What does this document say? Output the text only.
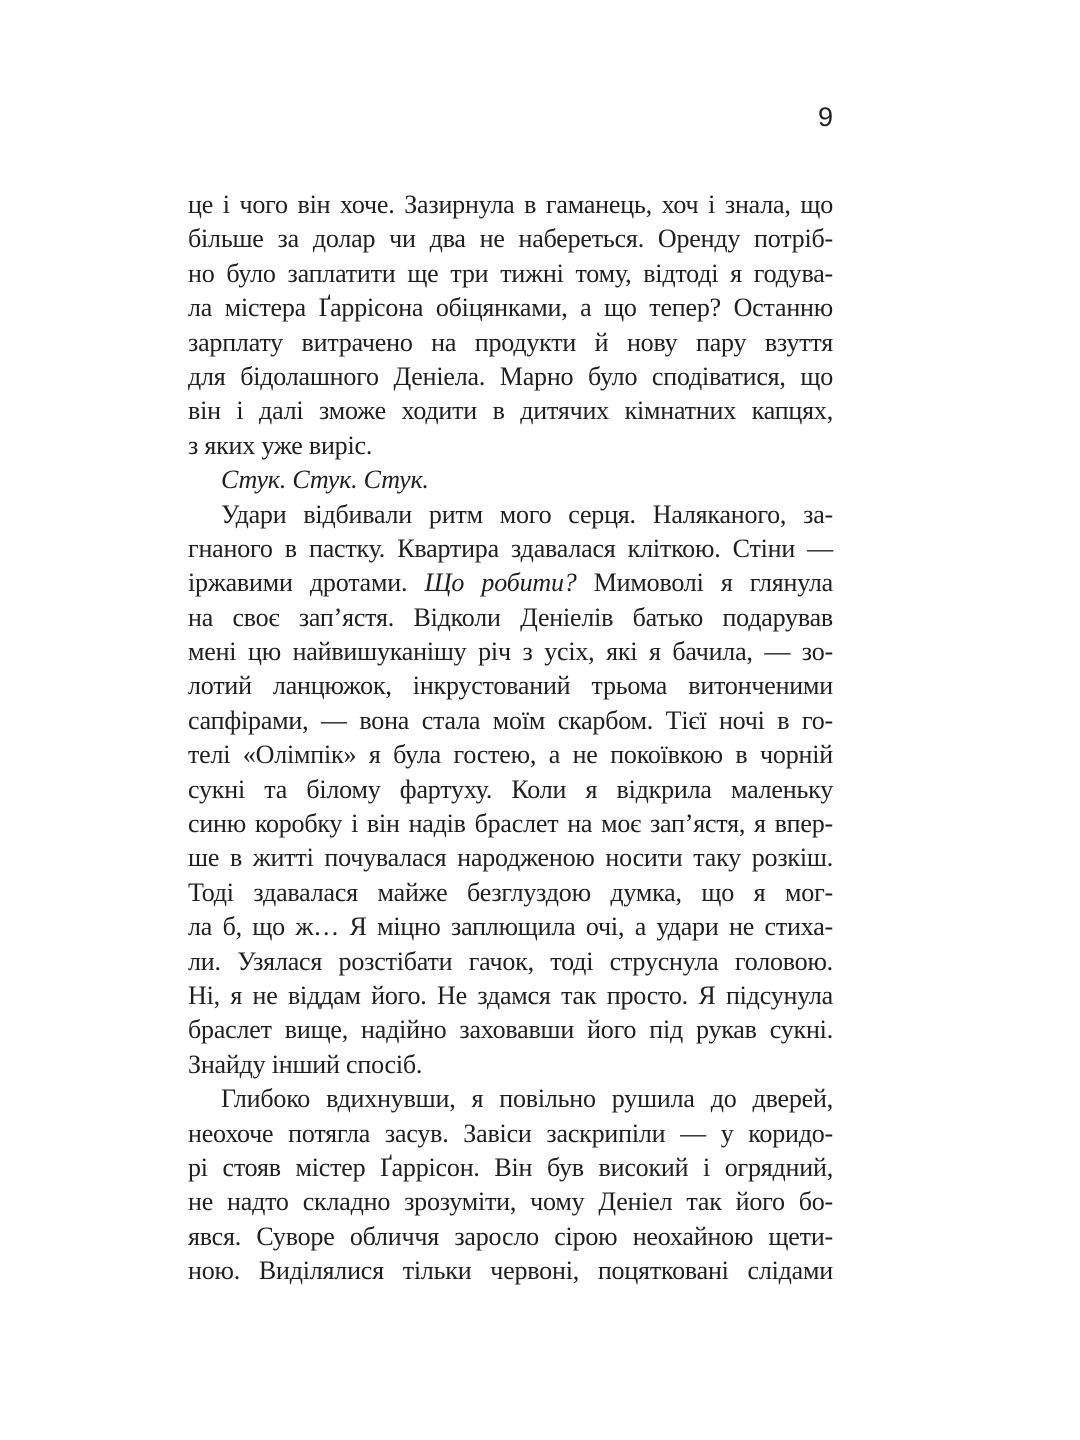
9
це і чого він хоче. Зазирнула в гаманець, хоч і знала, що
більше за долар чи два не набереться. Оренду потріб-
но було заплатити ще три тижні тому, відтоді я годува-
ла містера Ґаррісона обіцянками, а що тепер? Останню
зарплату витрачено на продукти й нову пару взуття
для бідолашного Деніела. Марно було сподіватися, що
він і далі зможе ходити в дитячих кімнатних капцях,
з яких уже виріс.
Стук. Стук. Стук.
Удари відбивали ритм мого серця. Наляканого, за-
гнаного в пастку. Квартира здавалася кліткою. Стіни —
іржавими дротами. Що робити? Мимоволі я глянула
на своє зап’ястя. Відколи Деніелів батько подарував
мені цю найвишуканішу річ з усіх, які я бачила, — зо-
лотий ланцюжок, інкрустований трьома витонченими
сапфірами, — вона стала моїм скарбом. Тієї ночі в го-
телі «Олімпік» я була гостею, а не покоївкою в чорній
сукні та білому фартуху. Коли я відкрила маленьку
синю коробку і він надів браслет на моє зап’ястя, я впер-
ше в житті почувалася народженою носити таку розкіш.
Тоді здавалася майже безглуздою думка, що я мог-
ла б, що ж… Я міцно заплющила очі, а удари не стиха-
ли. Узялася розстібати гачок, тоді струснула головою.
Ні, я не віддам його. Не здамся так просто. Я підсунула
браслет вище, надійно заховавши його під рукав сукні.
Знайду інший спосіб.
Глибоко вдихнувши, я повільно рушила до дверей,
неохоче потягла засув. Завіси заскрипіли — у коридо-
рі стояв містер Ґаррісон. Він був високий і огрядний,
не надто складно зрозуміти, чому Деніел так його бо-
явся. Суворе обличчя заросло сірою неохайною щети-
ною. Виділялися тільки червоні, поцятковані слідами
